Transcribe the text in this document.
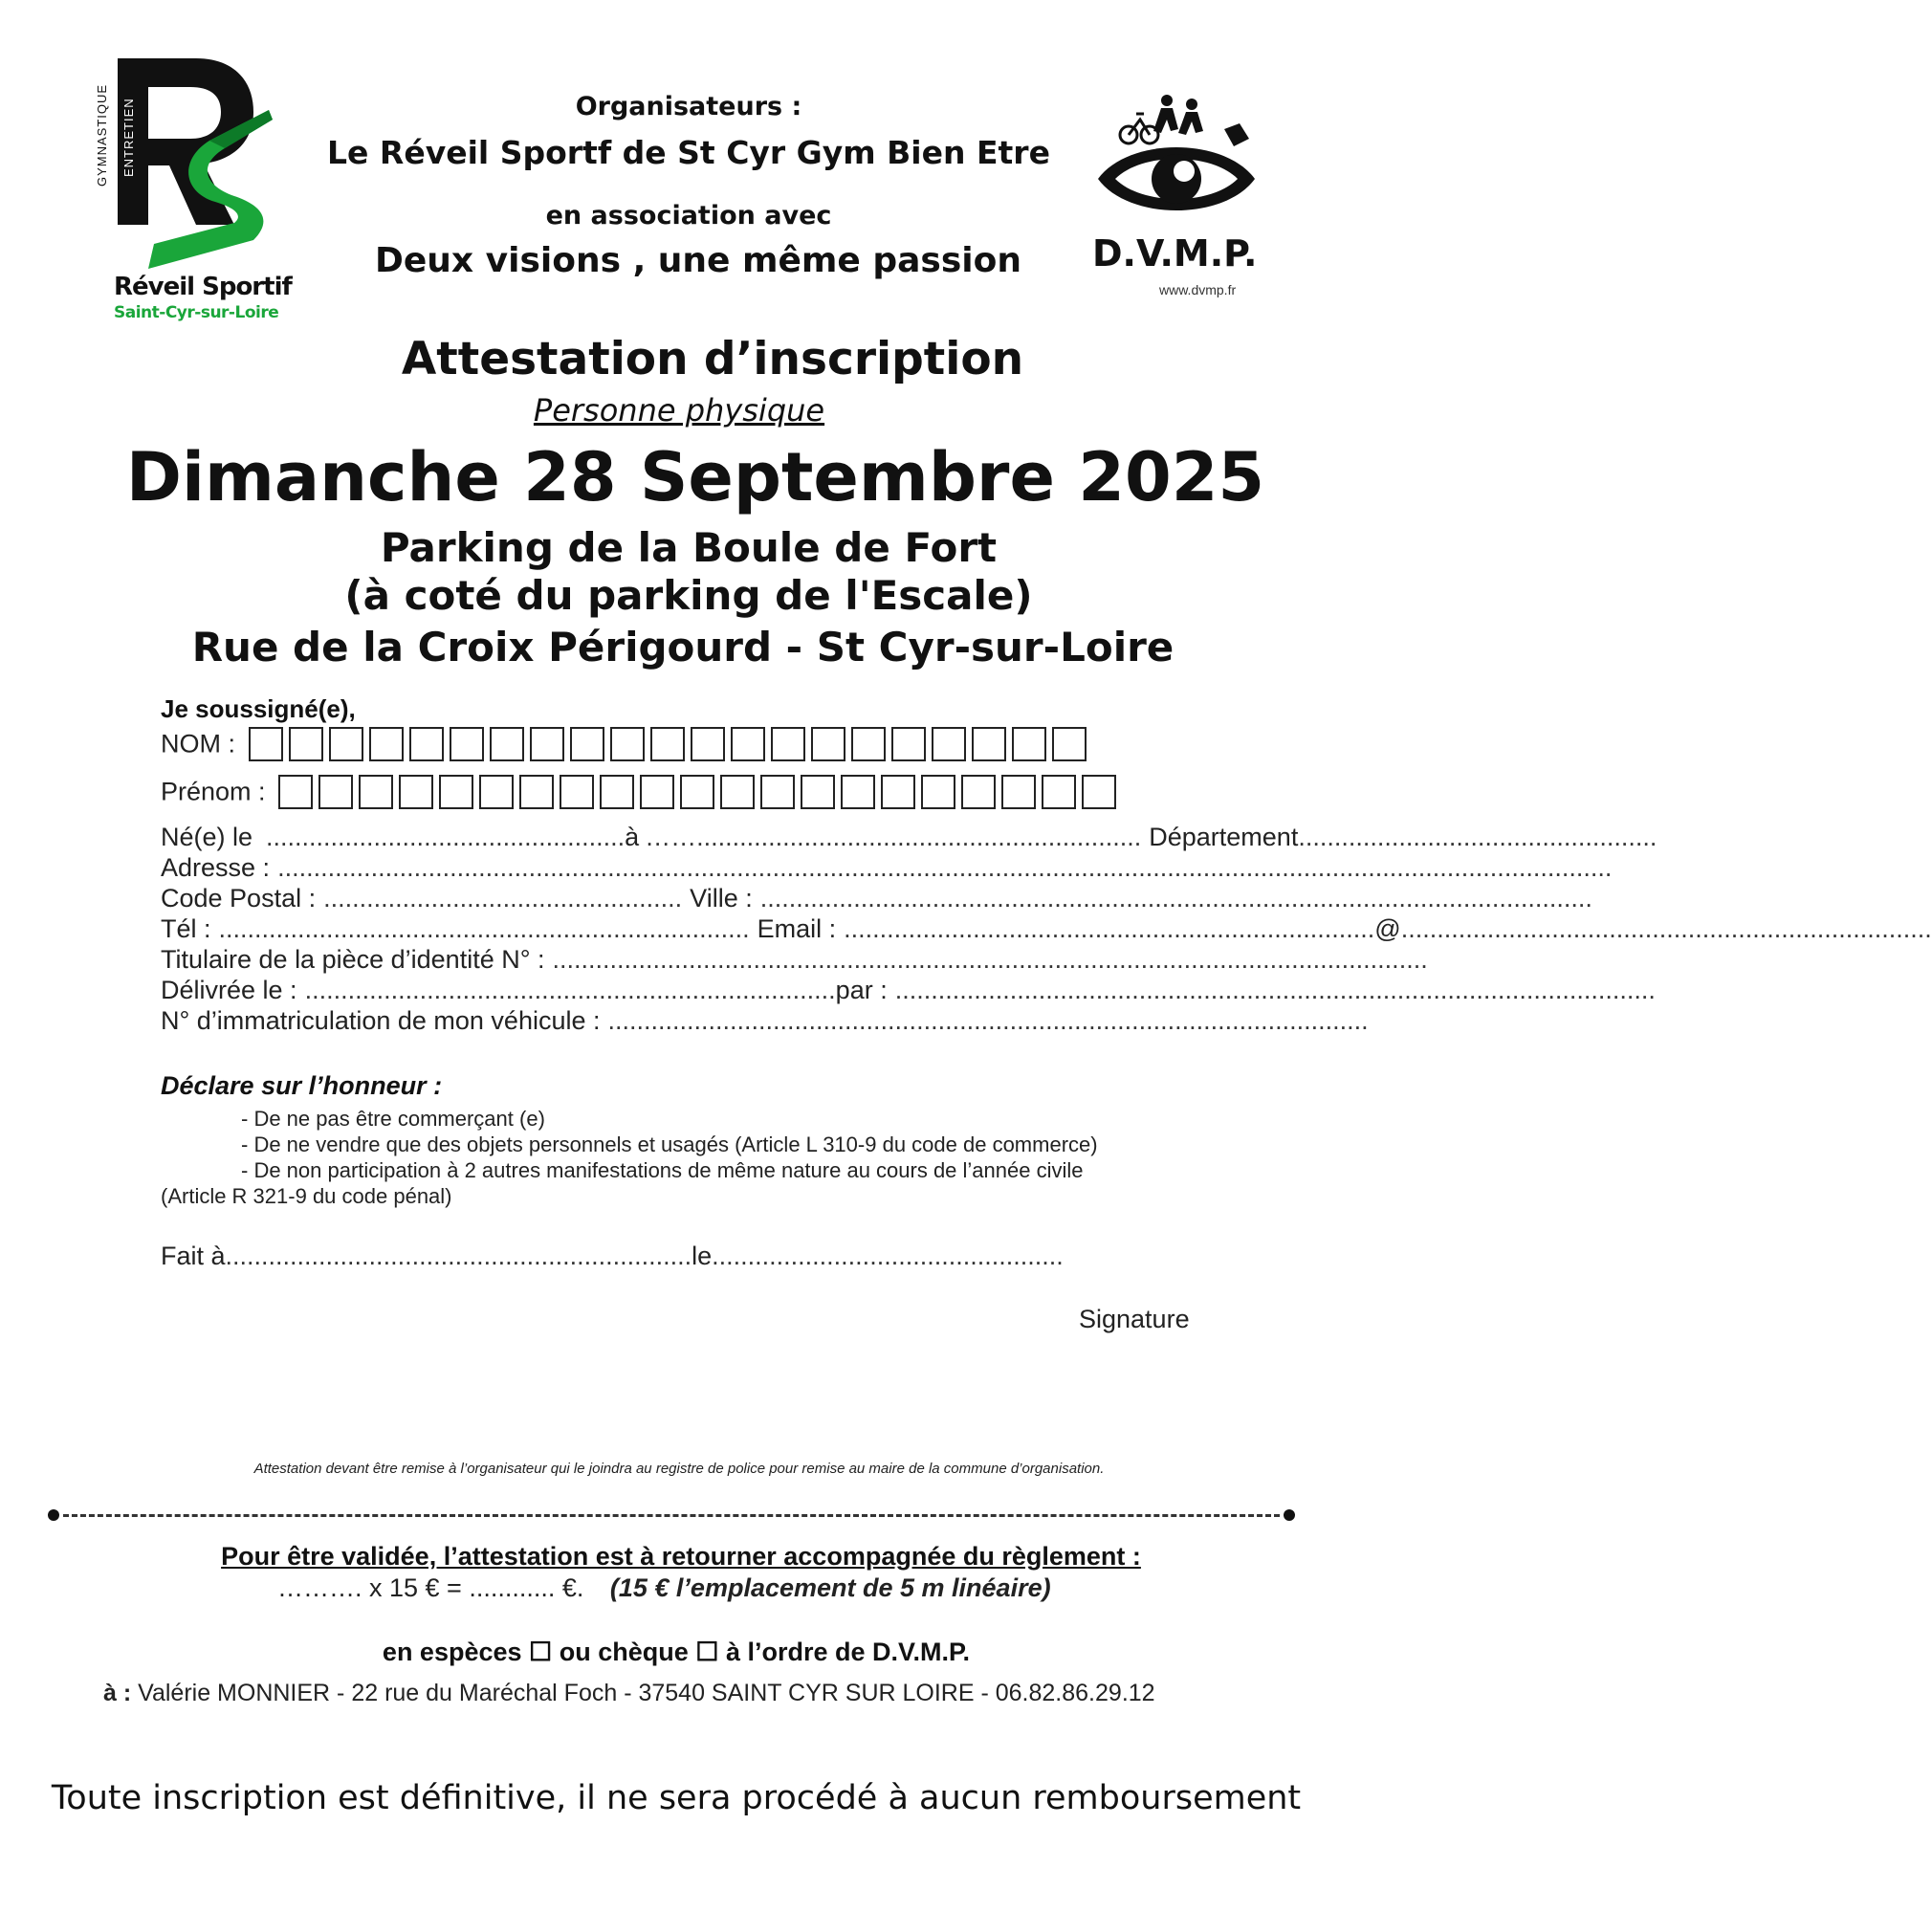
GYMNASTIQUE ENTRETIEN
Réveil Sportif
Saint-Cyr-sur-Loire
D.V.M.P.
www.dvmp.fr
Organisateurs :
Le Réveil Sportf de St Cyr Gym Bien Etre
en association avec
Deux visions , une même passion
Attestation d’inscription
Personne physique
Dimanche 28 Septembre 2025
Parking de la Boule de Fort
(à coté du parking de l'Escale)
Rue de la Croix Périgourd - St Cyr-sur-Loire
Je soussigné(e),
NOM :
Prénom :
Né(e) le .................................................. à …….............................................................. Département ..................................................
Adresse : ..........................................................................................................................................................................................
Code Postal : .................................................. Ville : ....................................................................................................................
Tél : .......................................................................... Email : .......................................................................... @ ..........................................................................
Titulaire de la pièce d’identité N° : ..........................................................................................................................
Délivrée le : .......................................................................... par : ..........................................................................................................
N° d’immatriculation de mon véhicule : ..........................................................................................................
Déclare sur l’honneur :
- De ne pas être commerçant (e)
- De ne vendre que des objets personnels et usagés (Article L 310-9 du code de commerce)
- De non participation à 2 autres manifestations de même nature au cours de l’année civile
(Article R 321-9 du code pénal)
Fait à ................................................................. le .................................................
Signature
Attestation devant être remise à l’organisateur qui le joindra au registre de police pour remise au maire de la commune d’organisation.
Pour être validée, l’attestation est à retourner accompagnée du règlement :
………. x 15 € = ............ €. (15 € l’emplacement de 5 m linéaire)
en espèces ☐ ou chèque ☐ à l’ordre de D.V.M.P.
à : Valérie MONNIER - 22 rue du Maréchal Foch - 37540 SAINT CYR SUR LOIRE - 06.82.86.29.12
Toute inscription est définitive, il ne sera procédé à aucun remboursement
